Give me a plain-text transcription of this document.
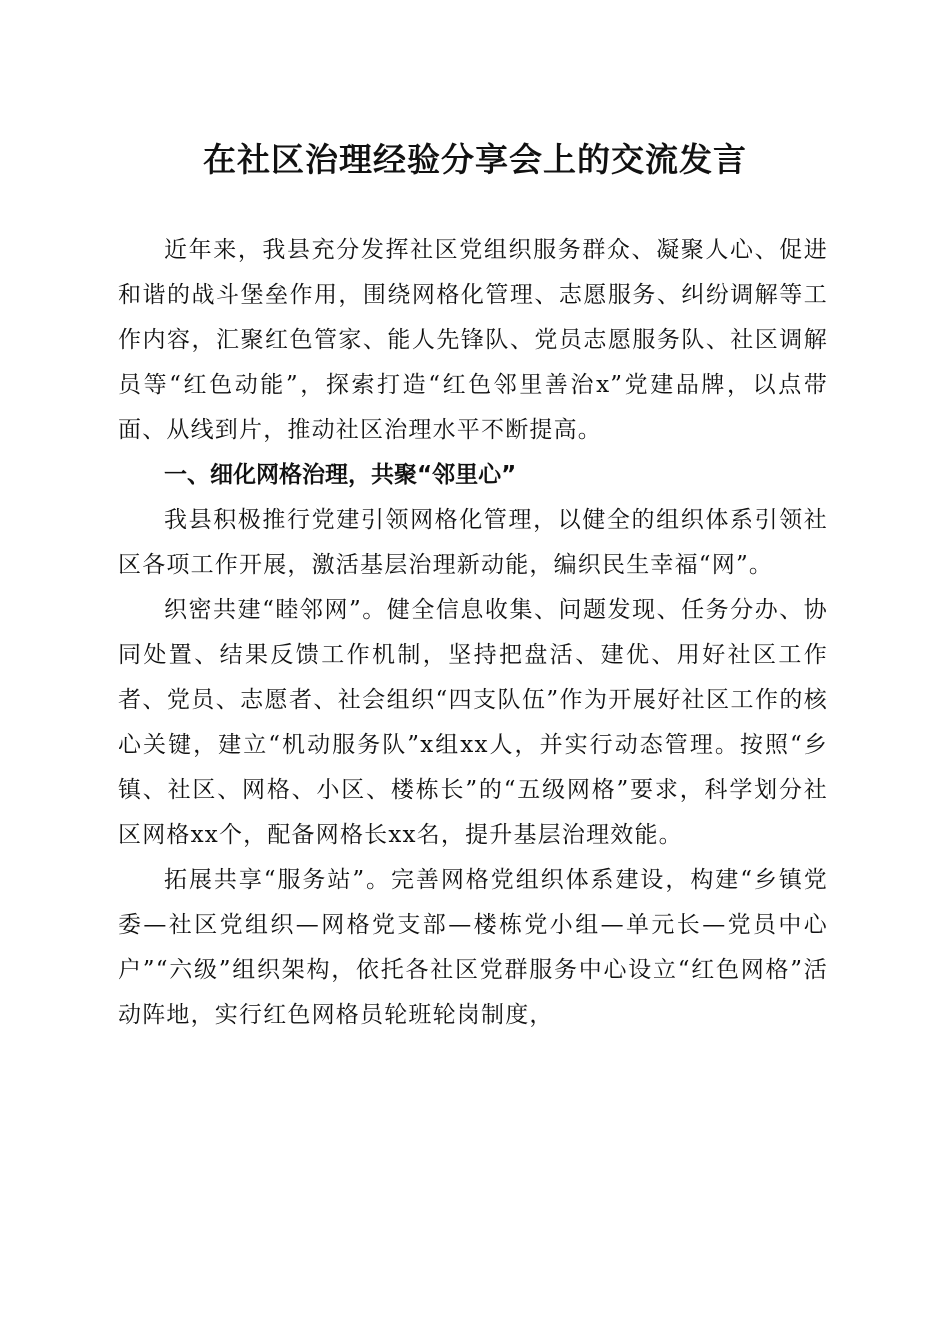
在社区治理经验分享会上的交流发言

近年来，我县充分发挥社区党组织服务群众、凝聚人心、促进和谐的战斗堡垒作用，围绕网格化管理、志愿服务、纠纷调解等工作内容，汇聚红色管家、能人先锋队、党员志愿服务队、社区调解员等“红色动能”，探索打造“红色邻里善治x”党建品牌，以点带面、从线到片，推动社区治理水平不断提高。

一、细化网格治理，共聚“邻里心”

我县积极推行党建引领网格化管理，以健全的组织体系引领社区各项工作开展，激活基层治理新动能，编织民生幸福“网”。

织密共建“睦邻网”。健全信息收集、问题发现、任务分办、协同处置、结果反馈工作机制，坚持把盘活、建优、用好社区工作者、党员、志愿者、社会组织“四支队伍”作为开展好社区工作的核心关键，建立“机动服务队”x组xx人，并实行动态管理。按照“乡镇、社区、网格、小区、楼栋长”的“五级网格”要求，科学划分社区网格xx个，配备网格长xx名，提升基层治理效能。

拓展共享“服务站”。完善网格党组织体系建设，构建“乡镇党委—社区党组织—网格党支部—楼栋党小组—单元长—党员中心户”“六级”组织架构，依托各社区党群服务中心设立“红色网格”活动阵地，实行红色网格员轮班轮岗制度，
